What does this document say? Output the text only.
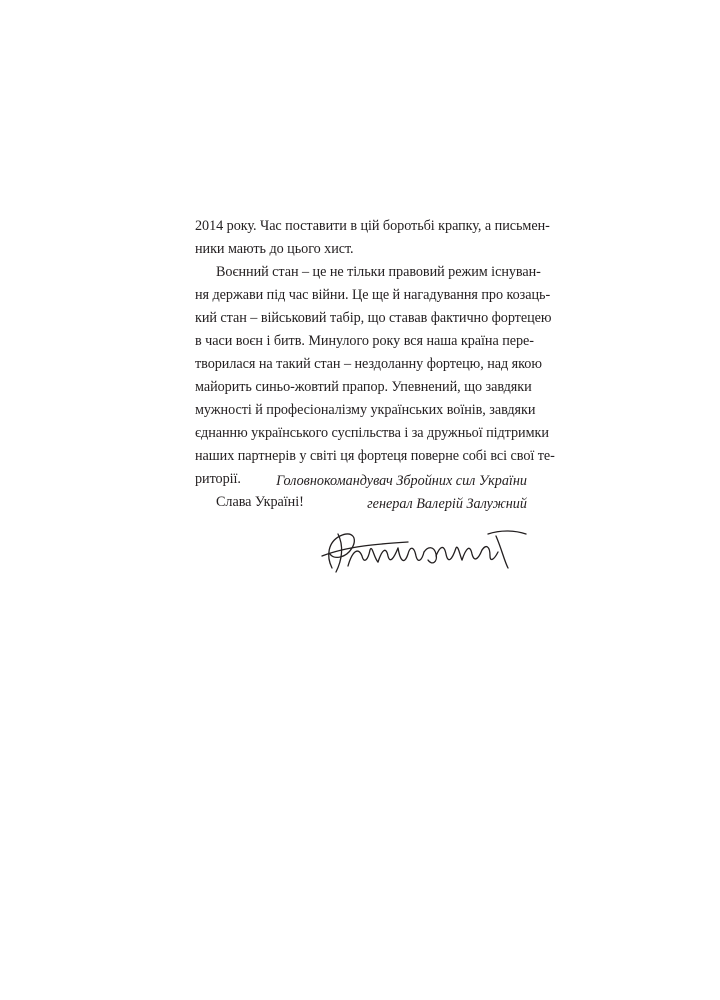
2014 року. Час поставити в цій боротьбі крапку, а письмен-
ники мають до цього хист.
Воєнний стан – це не тільки правовий режим існуван-
ня держави під час війни. Це ще й нагадування про козаць-
кий стан – військовий табір, що ставав фактично фортецею
в часи воєн і битв. Минулого року вся наша країна пере-
творилася на такий стан – нездоланну фортецю, над якою
майорить синьо-жовтий прапор. Упевнений, що завдяки
мужності й професіоналізму українських воїнів, завдяки
єднанню українського суспільства і за дружньої підтримки
наших партнерів у світі ця фортеця поверне собі всі свої те-
риторії.
Слава Україні!
Головнокомандувач Збройних сил України
генерал Валерій Залужний
